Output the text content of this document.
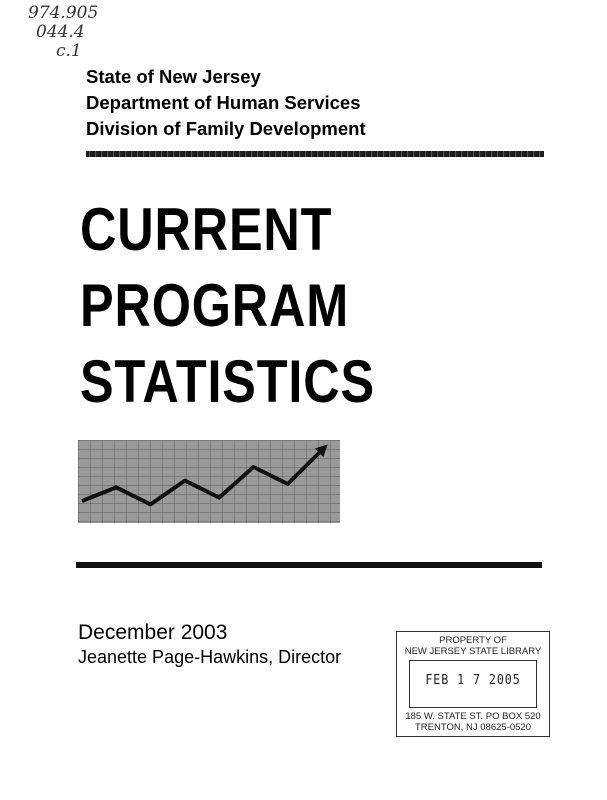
974.905
044.4
c.1
State of New Jersey
Department of Human Services
Division of Family Development
CURRENT
PROGRAM
STATISTICS
December 2003
Jeanette Page-Hawkins, Director
PROPERTY OF
NEW JERSEY STATE LIBRARY
FEB 1 7 2005
185 W. STATE ST. PO BOX 520
TRENTON, NJ 08625-0520
